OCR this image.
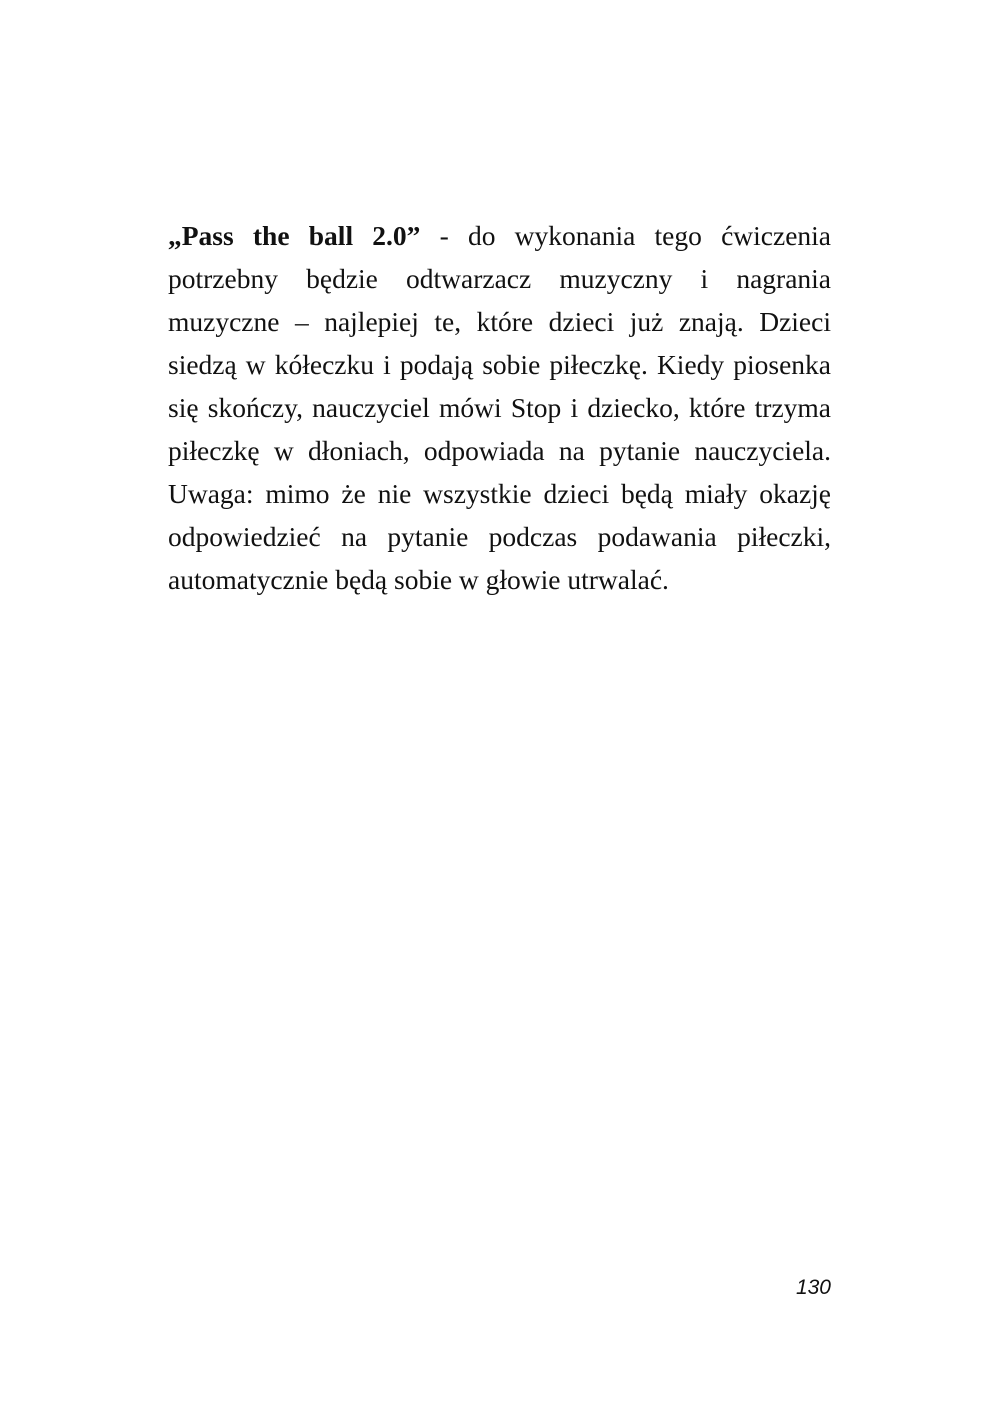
„Pass the ball 2.0” - do wykonania tego ćwiczenia potrzebny będzie odtwarzacz muzyczny i nagrania muzyczne – najlepiej te, które dzieci już znają. Dzieci siedzą w kółeczku i podają sobie piłeczkę. Kiedy piosenka się skończy, nauczyciel mówi Stop i dziecko, które trzyma piłeczkę w dłoniach, odpowiada na pytanie nauczyciela. Uwaga: mimo że nie wszystkie dzieci będą miały okazję odpowiedzieć na pytanie podczas podawania piłeczki, automatycznie będą sobie w głowie utrwalać.

130
